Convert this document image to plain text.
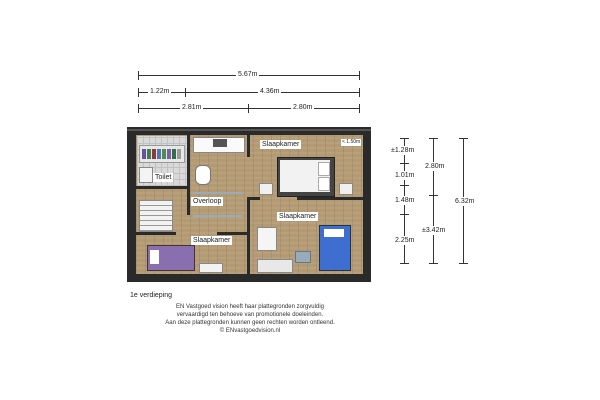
5.67m
1.22m	4.36m
2.81m	2.80m
±1.28m
1.01m
1.48m
2.25m
2.80m
±3.42m
6.32m
Toilet
Overloop
Slaapkamer	< 1.50m
Slaapkamer
Slaapkamer
1e verdieping
EN Vastgoed vision heeft haar plattegronden zorgvuldig
vervaardigd ten behoeve van promotionele doeleinden.
Aan deze plattegronden kunnen geen rechten worden ontleend.
© ENvastgoedvision.nl
